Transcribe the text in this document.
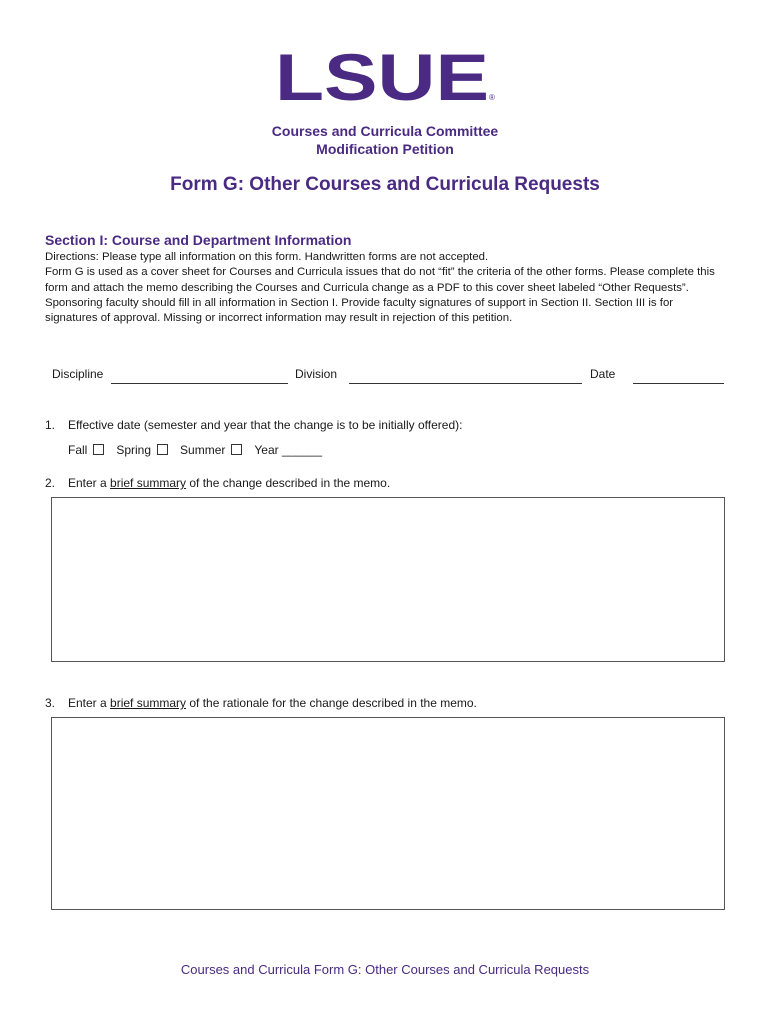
LSUE ®
Courses and Curricula Committee
Modification Petition
Form G: Other Courses and Curricula Requests
Section I: Course and Department Information

Directions: Please type all information on this form. Handwritten forms are not accepted.

Form G is used as a cover sheet for Courses and Curricula issues that do not “fit” the criteria of the other forms. Please complete this form and attach the memo describing the Courses and Curricula change as a PDF to this cover sheet labeled “Other Requests”. Sponsoring faculty should fill in all information in Section I. Provide faculty signatures of support in Section II. Section III is for signatures of approval. Missing or incorrect information may result in rejection of this petition.

Discipline	Division	Date
1. Effective date (semester and year that the change is to be initially offered):
Fall Spring Summer Year ______
2. Enter a brief summary of the change described in the memo.
3. Enter a brief summary of the rationale for the change described in the memo.
Courses and Curricula Form G: Other Courses and Curricula Requests
